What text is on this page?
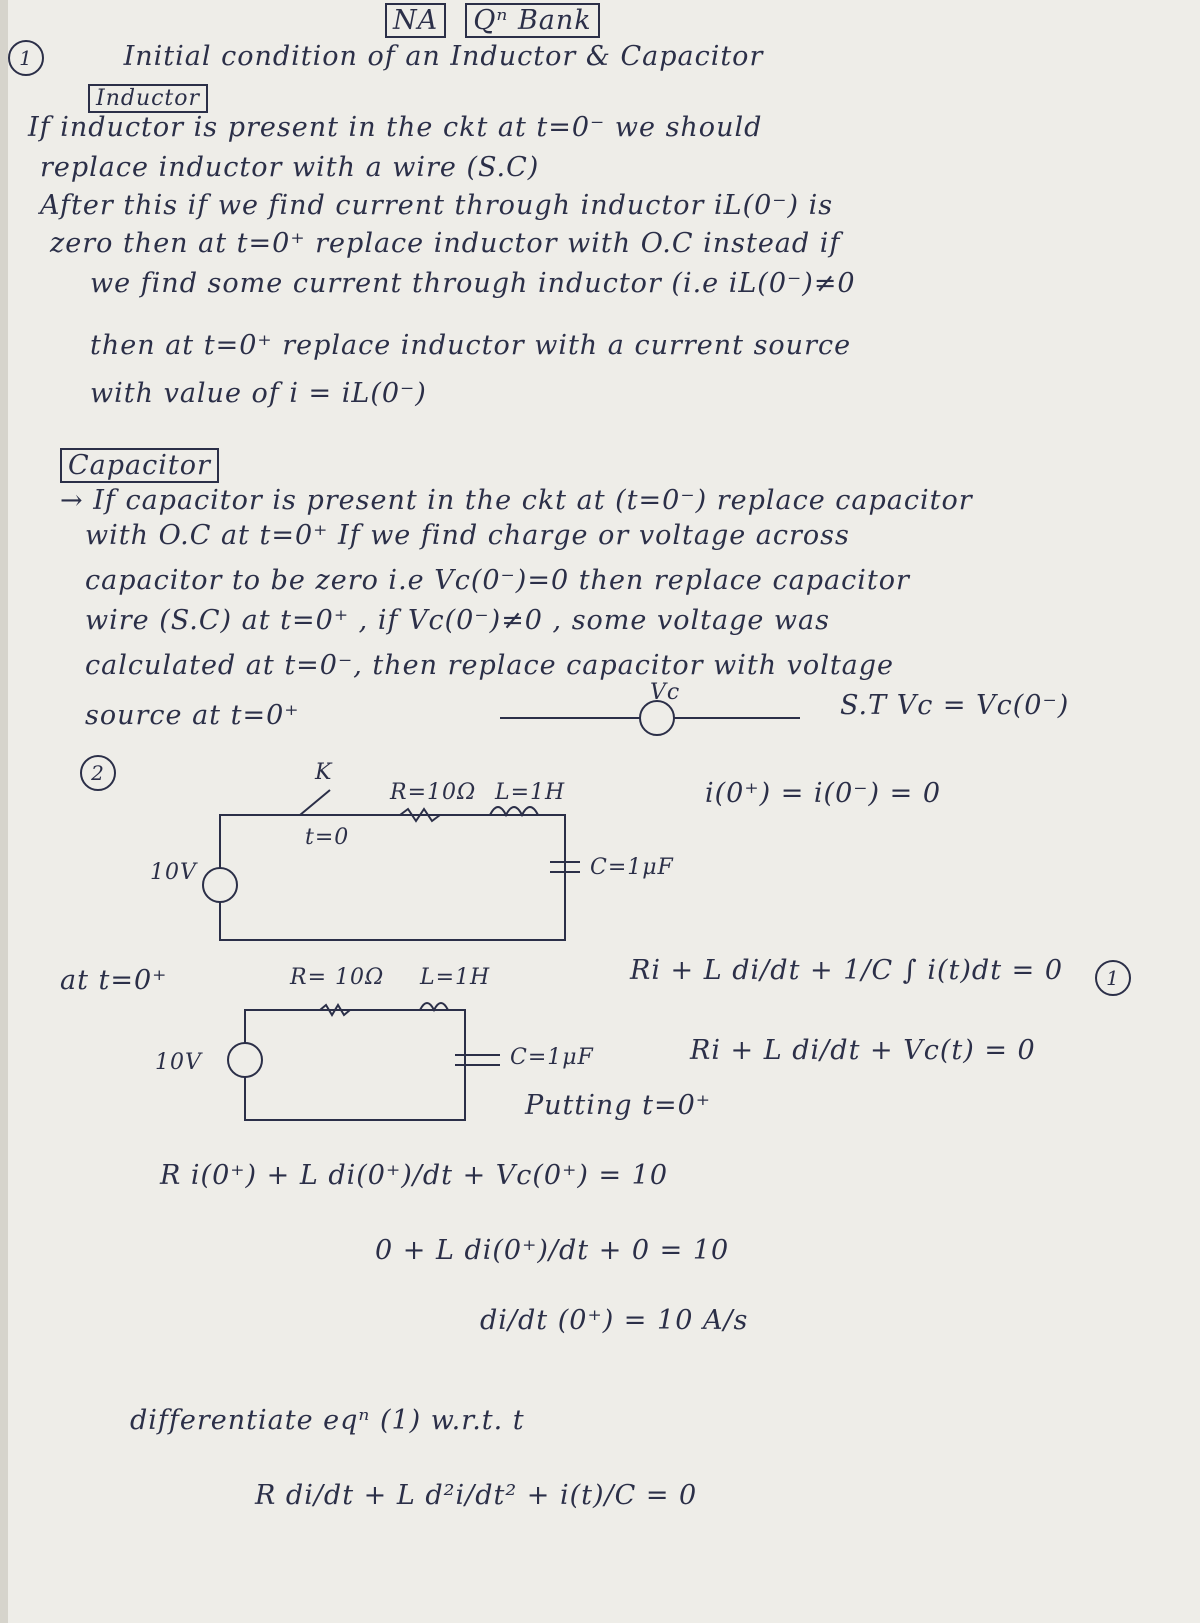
NA Qⁿ Bank
1	Initial condition of an Inductor & Capacitor
Inductor
If inductor is present in the ckt at t=0⁻ we should
replace inductor with a wire (S.C)
After this if we find current through inductor iL(0⁻) is
zero then at t=0⁺ replace inductor with O.C instead if
we find some current through inductor (i.e iL(0⁻)≠0
then at t=0⁺ replace inductor with a current source
with value of i = iL(0⁻)
Capacitor
→ If capacitor is present in the ckt at (t=0⁻) replace capacitor
with O.C at t=0⁺ If we find charge or voltage across
capacitor to be zero i.e Vc(0⁻)=0 then replace capacitor
wire (S.C) at t=0⁺ , if Vc(0⁻)≠0 , some voltage was
calculated at t=0⁻, then replace capacitor with voltage
source at t=0⁺
Vc	S.T Vc = Vc(0⁻)
2	K
t=0
R=10Ω L=1H
C=1μF
10V
i(0⁺) = i(0⁻) = 0
at t=0⁺	R= 10Ω L=1H
C=1μF
10V
Ri + L di/dt + 1/C ∫ i(t)dt = 0	1
Ri + L di/dt + Vc(t) = 0
Putting t=0⁺
R i(0⁺) + L di(0⁺)/dt + Vc(0⁺) = 10
0 + L di(0⁺)/dt + 0 = 10
di/dt (0⁺) = 10 A/s
differentiate eqⁿ (1) w.r.t. t
R di/dt + L d²i/dt² + i(t)/C = 0
